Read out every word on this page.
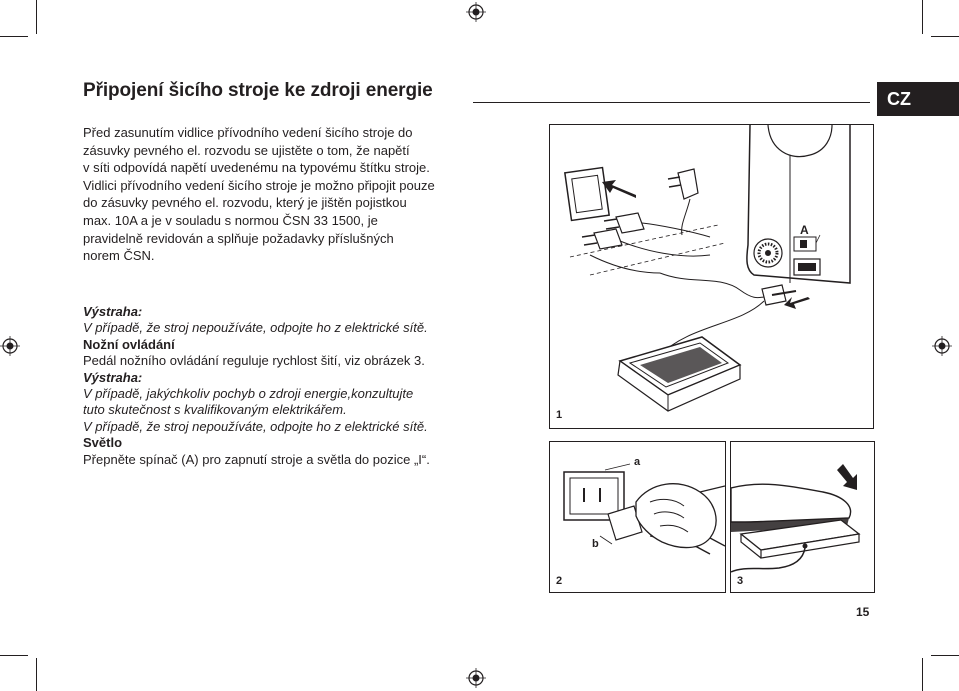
Připojení šicího stroje ke zdroji energie	CZ
Před zasunutím vidlice přívodního vedení šicího stroje do
zásuvky pevného el. rozvodu se ujistěte o tom, že napětí
v síti odpovídá napětí uvedenému na typovému štítku stroje.
Vidlici přívodního vedení šicího stroje je možno připojit pouze
do zásuvky pevného el. rozvodu, který je jištěn pojistkou
max. 10A a je v souladu s normou ČSN 33 1500, je
pravidelně revidován a splňuje požadavky příslušných
norem ČSN.

Výstraha:

V případě, že stroj nepoužíváte, odpojte ho z elektrické sítě.

Nožní ovládání

Pedál nožního ovládání reguluje rychlost šití, viz obrázek 3.

Výstraha:

V případě, jakýchkoliv pochyb o zdroji energie,konzultujte

tuto skutečnost s kvalifikovaným elektrikářem.

V případě, že stroj nepoužíváte, odpojte ho z elektrické sítě.

Světlo

Přepněte spínač (A) pro zapnutí stroje a světla do pozice „I“.

A
1
a
b
2	3
15
